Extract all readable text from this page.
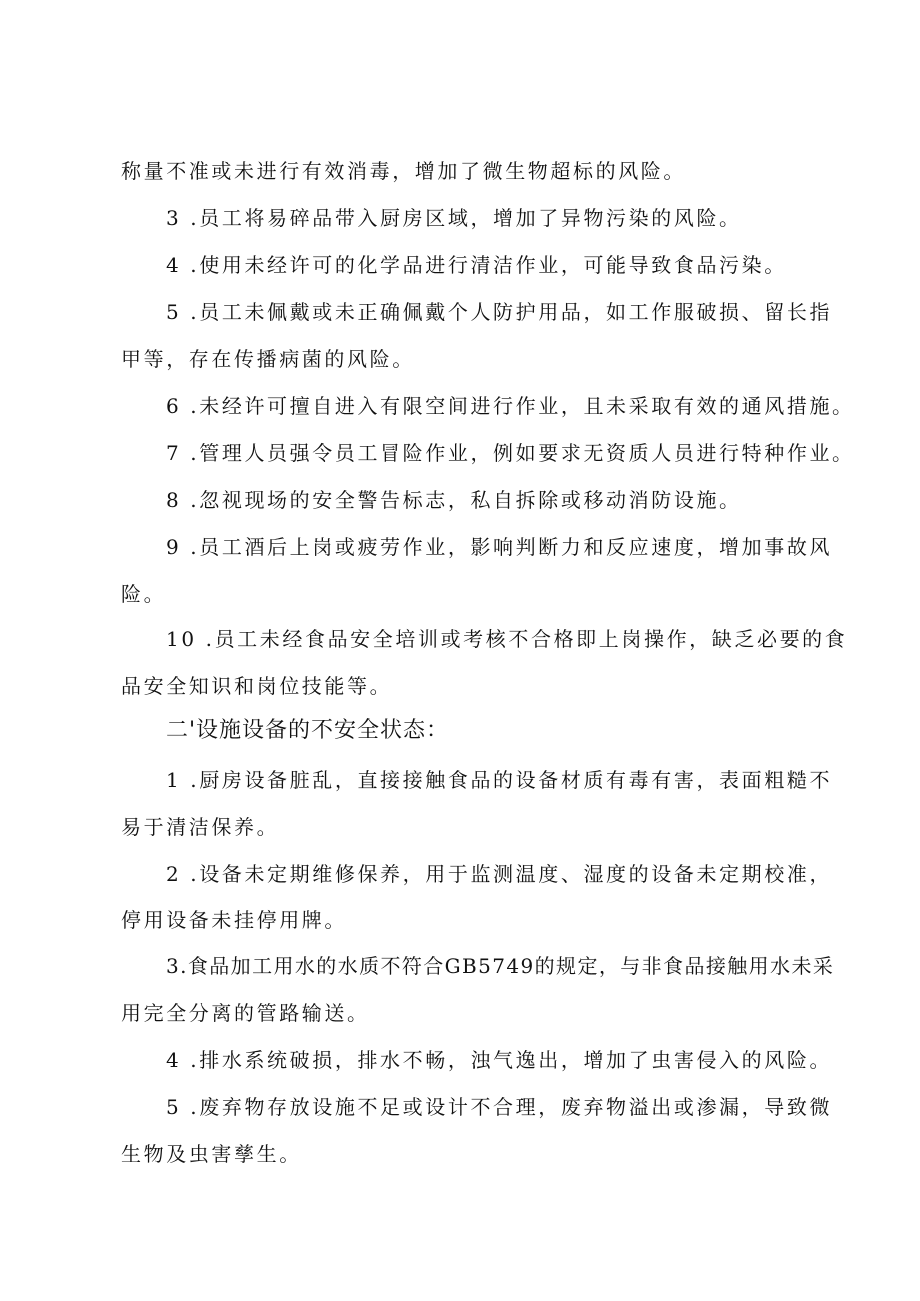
称量不准或未进行有效消毒，增加了微生物超标的风险。
3 .员工将易碎品带入厨房区域，增加了异物污染的风险。
4 .使用未经许可的化学品进行清洁作业，可能导致食品污染。
5 .员工未佩戴或未正确佩戴个人防护用品，如工作服破损、留长指
甲等，存在传播病菌的风险。
6 .未经许可擅自进入有限空间进行作业，且未采取有效的通风措施。
7 .管理人员强令员工冒险作业，例如要求无资质人员进行特种作业。
8 .忽视现场的安全警告标志，私自拆除或移动消防设施。
9 .员工酒后上岗或疲劳作业，影响判断力和反应速度，增加事故风
险。
10 .员工未经食品安全培训或考核不合格即上岗操作，缺乏必要的食
品安全知识和岗位技能等。
二'设施设备的不安全状态：
1 .厨房设备脏乱，直接接触食品的设备材质有毒有害，表面粗糙不
易于清洁保养。
2 .设备未定期维修保养，用于监测温度、湿度的设备未定期校准，
停用设备未挂停用牌。
3.食品加工用水的水质不符合GB5749的规定，与非食品接触用水未采
用完全分离的管路输送。
4 .排水系统破损，排水不畅，浊气逸出，增加了虫害侵入的风险。
5 .废弃物存放设施不足或设计不合理，废弃物溢出或渗漏，导致微
生物及虫害孳生。
